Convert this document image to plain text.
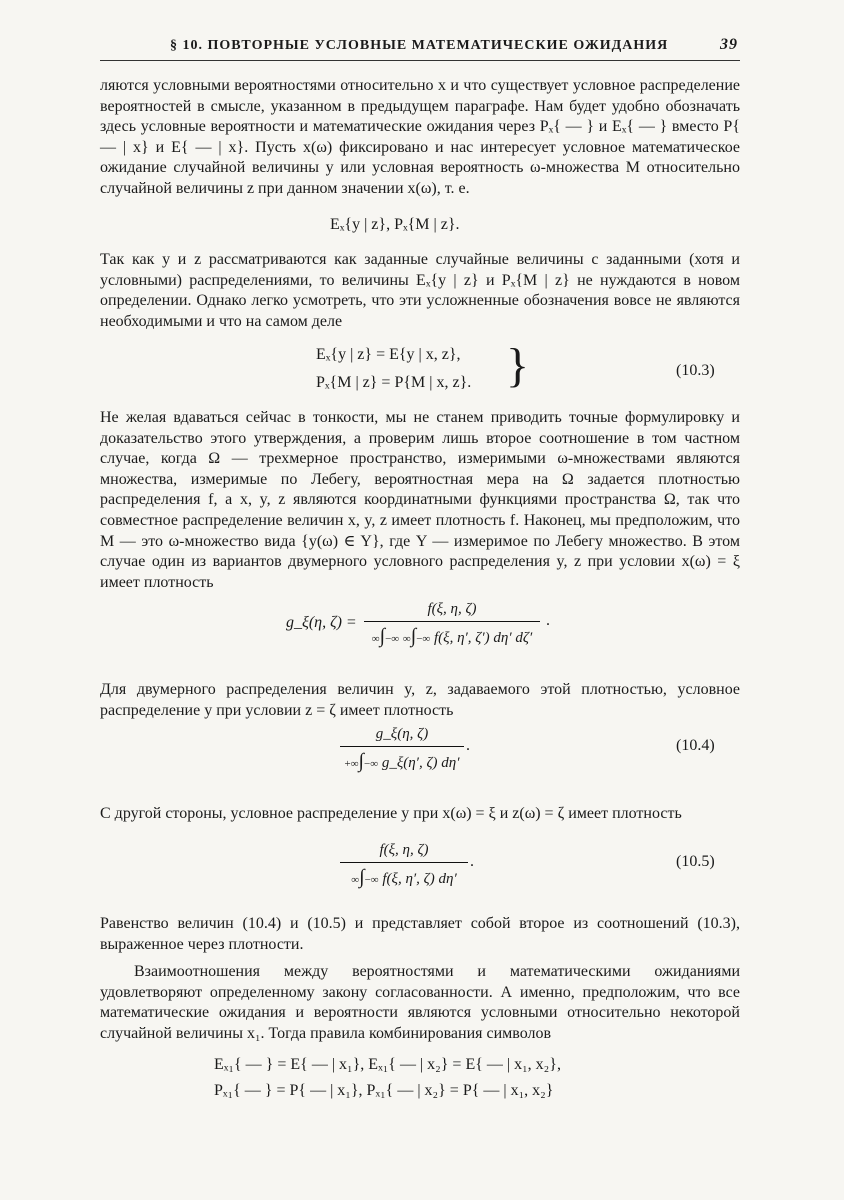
§ 10. ПОВТОРНЫЕ УСЛОВНЫЕ МАТЕМАТИЧЕСКИЕ ОЖИДАНИЯ	39
ляются условными вероятностями относительно x и что существует условное распределение вероятностей в смысле, указанном в предыдущем параграфе. Нам будет удобно обозначать здесь условные вероятности и математические ожидания через Pₓ{ — } и Eₓ{ — } вместо P{ — | x} и E{ — | x}. Пусть x(ω) фиксировано и нас интересует условное математическое ожидание случайной величины y или условная вероятность ω-множества M относительно случайной величины z при данном значении x(ω), т. е.
Eₓ{y | z}, Pₓ{M | z}.
Так как y и z рассматриваются как заданные случайные величины с заданными (хотя и условными) распределениями, то величины Eₓ{y | z} и Pₓ{M | z} не нуждаются в новом определении. Однако легко усмотреть, что эти усложненные обозначения вовсе не являются необходимыми и что на самом деле
Eₓ{y | z} = E{y | x, z},
Pₓ{M | z} = P{M | x, z}. }	(10.3)
Не желая вдаваться сейчас в тонкости, мы не станем приводить точные формулировку и доказательство этого утверждения, а проверим лишь второе соотношение в том частном случае, когда Ω — трехмерное пространство, измеримыми ω-множествами являются множества, измеримые по Лебегу, вероятностная мера на Ω задается плотностью распределения f, а x, y, z являются координатными функциями пространства Ω, так что совместное распределение величин x, y, z имеет плотность f. Наконец, мы предположим, что M — это ω-множество вида {y(ω) ∈ Y}, где Y — измеримое по Лебегу множество. В этом случае один из вариантов двумерного условного распределения y, z при условии x(ω) = ξ имеет плотность
g_ξ(η, $\zeta) = \frac{f(\xi, \eta, \zeta)}{\infty\int-\infty \infty\int-\infty f(\xi, \eta', \zeta') d\eta' d\zeta'}$ .
Для двумерного распределения величин y, z, задаваемого этой плотностью, условное распределение y при условии z = ζ имеет плотность
$\frac{g\_\xi(\eta, \zeta)}{+\infty\int-\infty g\_\xi(\eta', \zeta) d\eta'}$ .	(10.4)
С другой стороны, условное распределение y при x(ω) = ξ и z(ω) = ζ имеет плотность
$\frac{f(\xi, \eta, \zeta)}{\infty\int-\infty f(\xi, \eta', \zeta) d\eta'}$ .	(10.5)
Равенство величин (10.4) и (10.5) и представляет собой второе из соотношений (10.3), выраженное через плотности.
Взаимоотношения между вероятностями и математическими ожиданиями удовлетворяют определенному закону согласованности. А именно, предположим, что все математические ожидания и вероятности являются условными относительно некоторой случайной величины x₁. Тогда правила комбинирования символов
Eₓ₁{ — } = E{ — | x₁}, Eₓ₁{ — | x₂} = E{ — | x₁, x₂},
Pₓ₁{ — } = P{ — | x₁}, Pₓ₁{ — | x₂} = P{ — | x₁, x₂}
